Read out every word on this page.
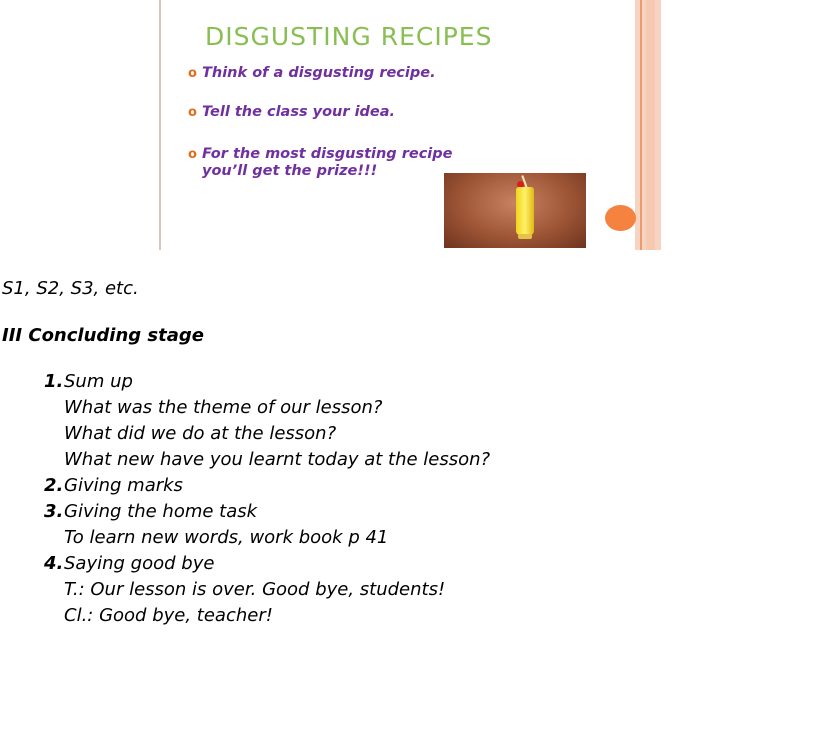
DISGUSTING RECIPES
o Think of a disgusting recipe.
o Tell the class your idea.
o For the most disgusting recipe
you’ll get the prize!!!
S1, S2, S3, etc.
III Concluding stage
1. Sum up
What was the theme of our lesson?
What did we do at the lesson?
What new have you learnt today at the lesson?
2. Giving marks
3. Giving the home task
To learn new words, work book p 41
4. Saying good bye
T.: Our lesson is over. Good bye, students!
Cl.: Good bye, teacher!
